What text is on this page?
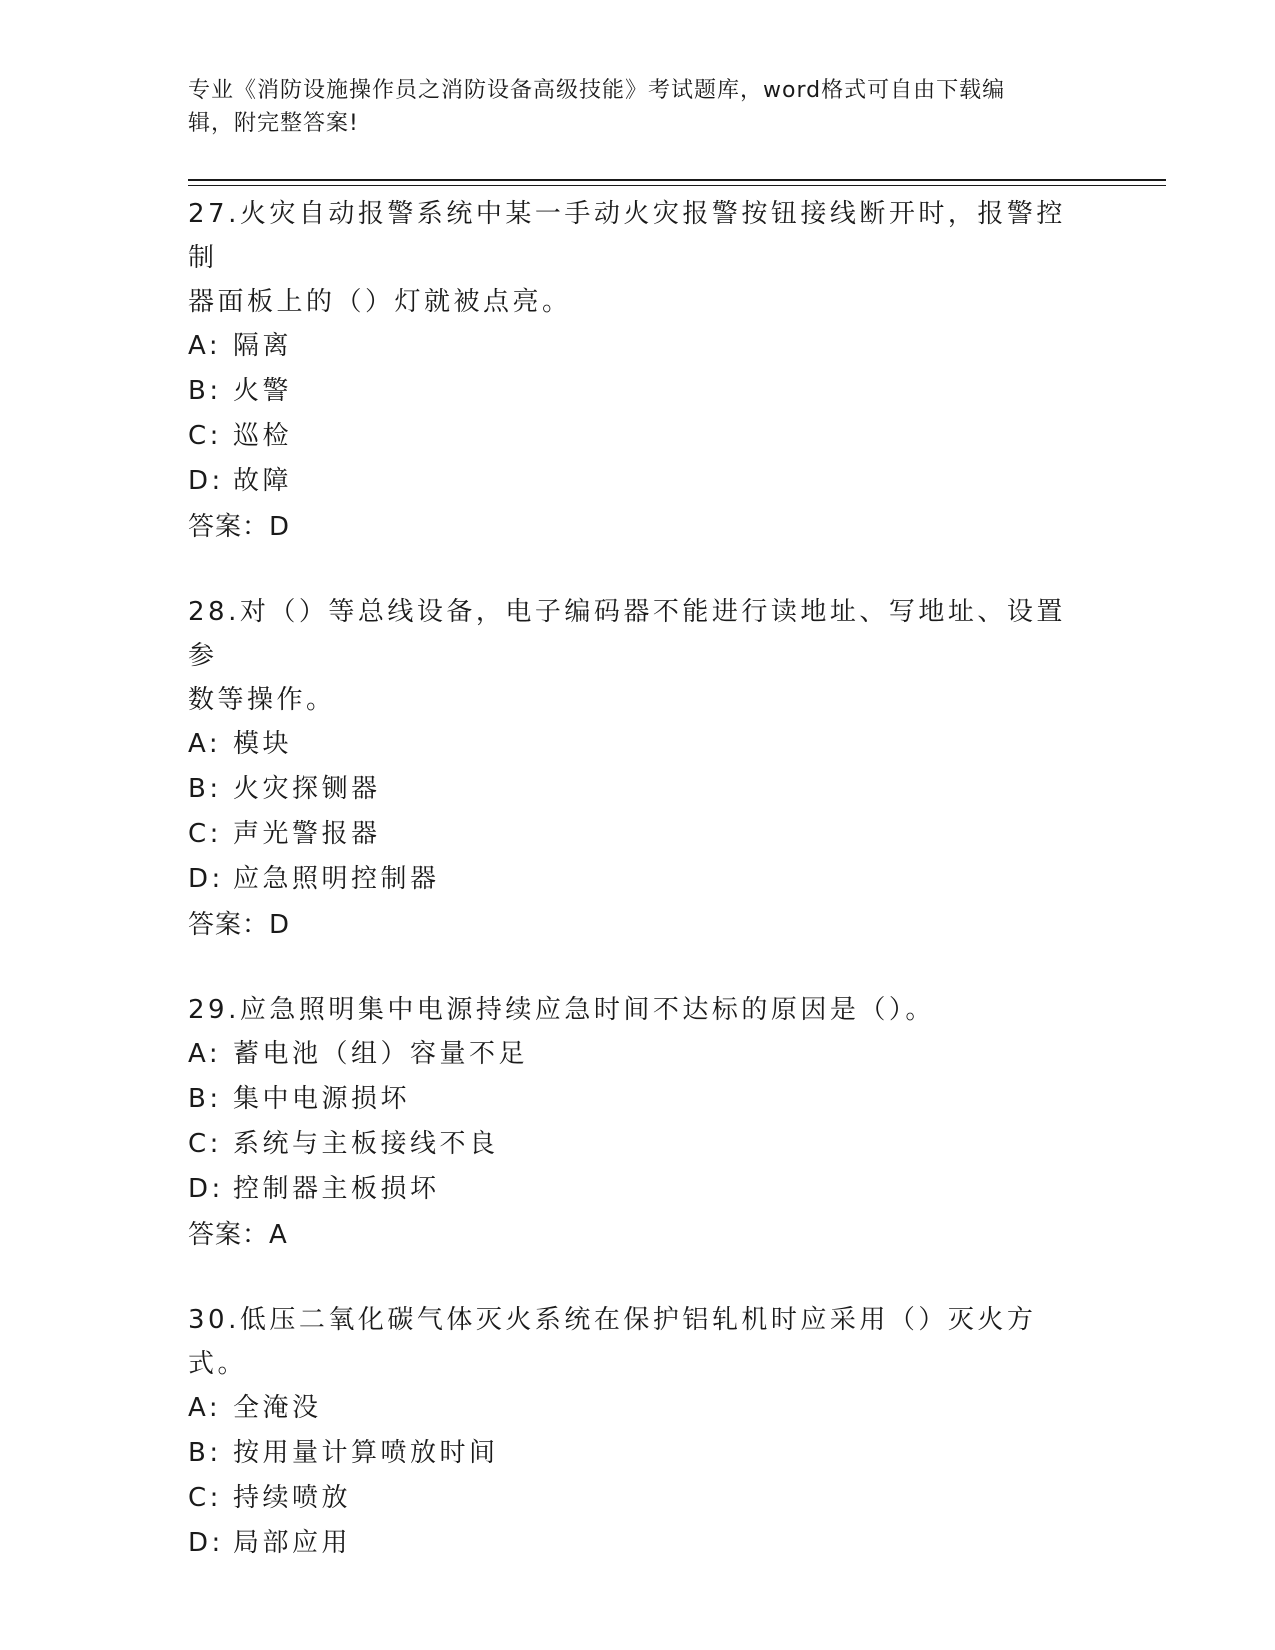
专业《消防设施操作员之消防设备高级技能》考试题库，word格式可自由下载编
辑，附完整答案!

27.火灾自动报警系统中某一手动火灾报警按钮接线断开时，报警控制

器面板上的（）灯就被点亮。

A: 隔离

B: 火警

C: 巡检

D: 故障

答案：D

28.对（）等总线设备，电子编码器不能进行读地址、写地址、设置参

数等操作。

A: 模块

B: 火灾探铡器

C: 声光警报器

D: 应急照明控制器

答案：D

29.应急照明集中电源持续应急时间不达标的原因是（）。

A: 蓄电池（组）容量不足

B: 集中电源损坏

C: 系统与主板接线不良

D: 控制器主板损坏

答案：A

30.低压二氧化碳气体灭火系统在保护铝轧机时应采用（）灭火方式。

A: 全淹没

B: 按用量计算喷放时间

C: 持续喷放

D: 局部应用
